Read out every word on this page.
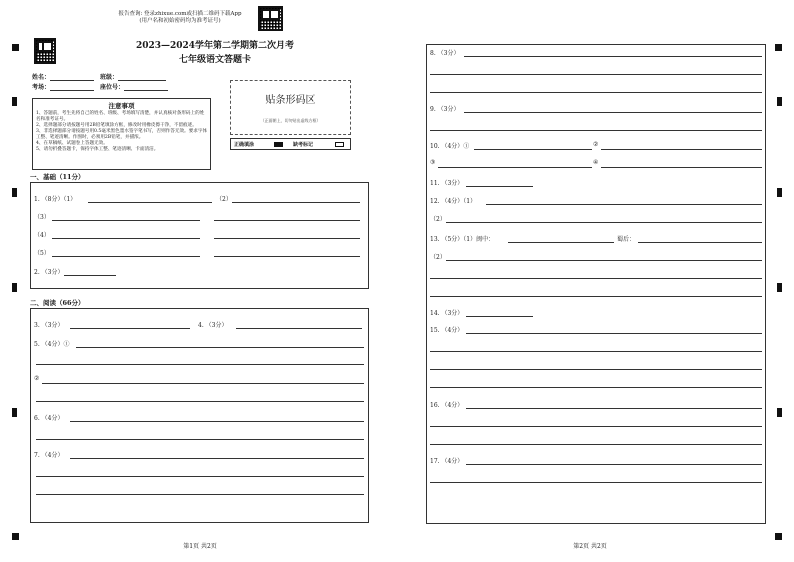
报告查询: 登录zhixue.com或扫描二维码下载App
(用户名和初始密码均为准考证号)
2023—2024学年第二学期第二次月考
七年级语文答题卡
姓名：	班级：
考场：	座位号：
注意事项
1、答题前，考生先将自己的姓名、班级、考场填写清楚，并认真核对条形码上的姓名和准考证号。
2、选择题部分请按题号用2B铅笔填涂方框，修改时用橡皮擦干净，不留痕迹。
3、非选择题部分请按题号用0.5毫米黑色墨水签字笔书写，否则作答无效。要求字体工整、笔迹清晰。作图时，必须用2B铅笔，并描浓。
4、在草稿纸、试题卷上答题无效。
5、请勿折叠答题卡，保持字体工整、笔迹清晰、卡面清洁。
贴条形码区
（正面朝上，切勿贴出虚线方框）
正确填涂	缺考标记
一、基础（11分）
1. （8分）（1）	（2）
（3）
（4）
（5）
2. （3分）
二、阅读（66分）
3. （3分）	4. （3分）
5. （4分）①
②
6. （4分）
7. （4分）
第1页 共2页
8. （3分）
9. （3分）
10. （4分）①	②
③	④
11. （3分）
12. （4分）（1）
（2）
13. （5分）（1）闽中：	蜀后：
（2）
14. （3分）
15. （4分）
16. （4分）
17. （4分）
第2页 共2页
